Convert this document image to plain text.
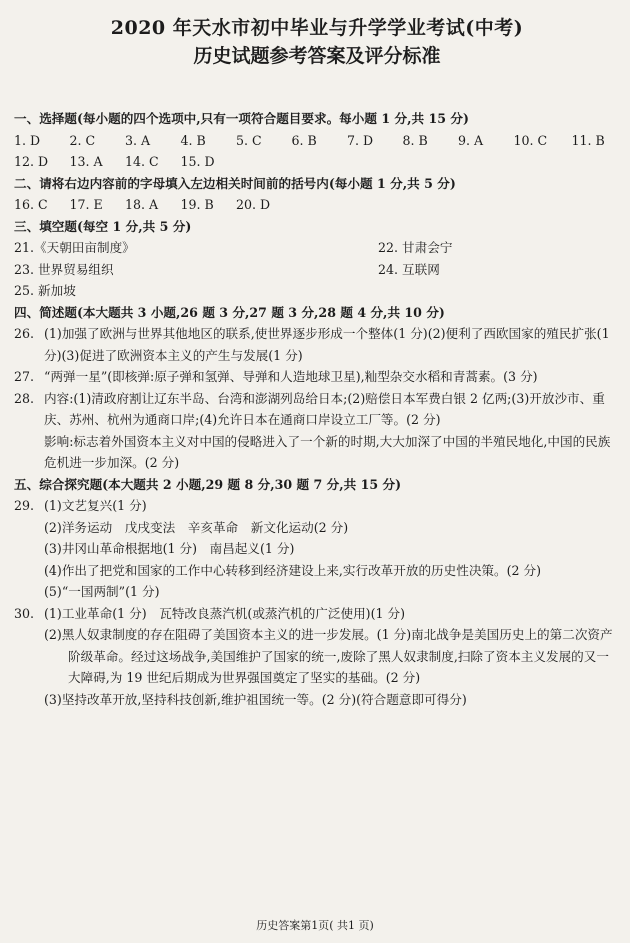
2020 年天水市初中毕业与升学学业考试(中考)
历史试题参考答案及评分标准
一、选择题(每小题的四个选项中,只有一项符合题目要求。每小题 1 分,共 15 分)
1. D	2. C	3. A	4. B	5. C	6. B	7. D	8. B	9. A	10. C	11. B
12. D	13. A	14. C	15. D
二、请将右边内容前的字母填入左边相关时间前的括号内(每小题 1 分,共 5 分)
16. C	17. E	18. A	19. B	20. D
三、填空题(每空 1 分,共 5 分)
21.《天朝田亩制度》	22. 甘肃会宁
23. 世界贸易组织	24. 互联网
25. 新加坡
四、简述题(本大题共 3 小题,26 题 3 分,27 题 3 分,28 题 4 分,共 10 分)
26. (1)加强了欧洲与世界其他地区的联系,使世界逐步形成一个整体(1 分)(2)便利了西欧国家的殖民扩张(1 分)(3)促进了欧洲资本主义的产生与发展(1 分)
27. “两弹一星”(即核弹:原子弹和氢弹、导弹和人造地球卫星),籼型杂交水稻和青蒿素。(3 分)
28. 内容:(1)清政府割让辽东半岛、台湾和澎湖列岛给日本;(2)赔偿日本军费白银 2 亿两;(3)开放沙市、重庆、苏州、杭州为通商口岸;(4)允许日本在通商口岸设立工厂等。(2 分)
影响:标志着外国资本主义对中国的侵略进入了一个新的时期,大大加深了中国的半殖民地化,中国的民族危机进一步加深。(2 分)
五、综合探究题(本大题共 2 小题,29 题 8 分,30 题 7 分,共 15 分)
29. (1)文艺复兴(1 分)
(2)洋务运动　戊戌变法　辛亥革命　新文化运动(2 分)
(3)井冈山革命根据地(1 分)　南昌起义(1 分)
(4)作出了把党和国家的工作中心转移到经济建设上来,实行改革开放的历史性决策。(2 分)
(5)“一国两制”(1 分)
30. (1)工业革命(1 分)　瓦特改良蒸汽机(或蒸汽机的广泛使用)(1 分)
(2)黑人奴隶制度的存在阻碍了美国资本主义的进一步发展。(1 分)南北战争是美国历史上的第二次资产阶级革命。经过这场战争,美国维护了国家的统一,废除了黑人奴隶制度,扫除了资本主义发展的又一大障碍,为 19 世纪后期成为世界强国奠定了坚实的基础。(2 分)
(3)坚持改革开放,坚持科技创新,维护祖国统一等。(2 分)(符合题意即可得分)
历史答案第1页( 共1 页)
